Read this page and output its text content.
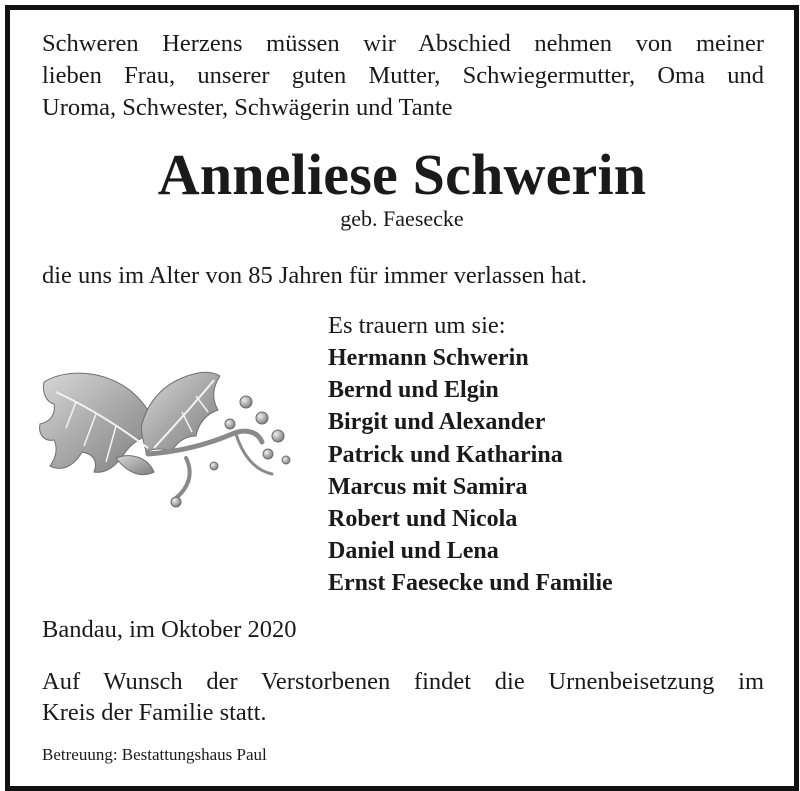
Schweren Herzens müssen wir Abschied nehmen von meiner
lieben Frau, unserer guten Mutter, Schwiegermutter, Oma und
Uroma, Schwester, Schwägerin und Tante
Anneliese Schwerin
geb. Faesecke
die uns im Alter von 85 Jahren für immer verlassen hat.
Es trauern um sie:
Hermann Schwerin
Bernd und Elgin
Birgit und Alexander
Patrick und Katharina
Marcus mit Samira
Robert und Nicola
Daniel und Lena
Ernst Faesecke und Familie
Bandau, im Oktober 2020
Auf Wunsch der Verstorbenen findet die Urnenbeisetzung im
Kreis der Familie statt.
Betreuung: Bestattungshaus Paul
